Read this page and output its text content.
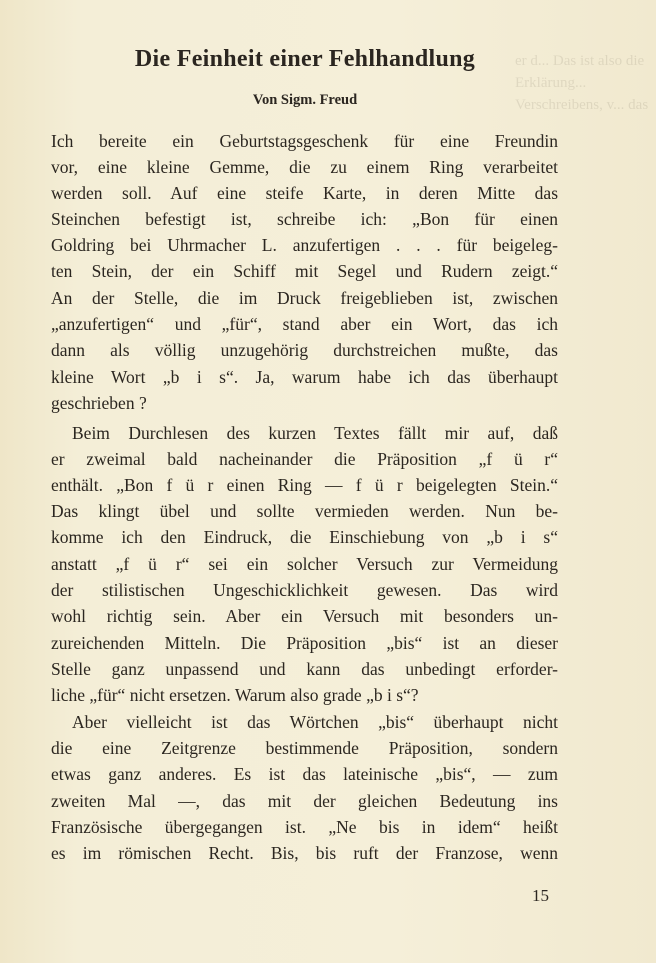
er d... Das ist also die Erklärung... Verschreibens, v... das
Die Feinheit einer Fehlhandlung
Von Sigm. Freud
Ich bereite ein Geburtstagsgeschenk für eine Freundin
vor, eine kleine Gemme, die zu einem Ring verarbeitet
werden soll. Auf eine steife Karte, in deren Mitte das
Steinchen befestigt ist, schreibe ich: „Bon für einen
Goldring bei Uhrmacher L. anzufertigen . . . für beigeleg-
ten Stein, der ein Schiff mit Segel und Rudern zeigt.“
An der Stelle, die im Druck freigeblieben ist, zwischen
„anzufertigen“ und „für“, stand aber ein Wort, das ich
dann als völlig unzugehörig durchstreichen mußte, das
kleine Wort „b i s“. Ja, warum habe ich das überhaupt
geschrieben ?
Beim Durchlesen des kurzen Textes fällt mir auf, daß
er zweimal bald nacheinander die Präposition „f ü r“
enthält. „Bon f ü r einen Ring — f ü r beigelegten Stein.“
Das klingt übel und sollte vermieden werden. Nun be-
komme ich den Eindruck, die Einschiebung von „b i s“
anstatt „f ü r“ sei ein solcher Versuch zur Vermeidung
der stilistischen Ungeschicklichkeit gewesen. Das wird
wohl richtig sein. Aber ein Versuch mit besonders un-
zureichenden Mitteln. Die Präposition „bis“ ist an dieser
Stelle ganz unpassend und kann das unbedingt erforder-
liche „für“ nicht ersetzen. Warum also grade „b i s“?
Aber vielleicht ist das Wörtchen „bis“ überhaupt nicht
die eine Zeitgrenze bestimmende Präposition, sondern
etwas ganz anderes. Es ist das lateinische „bis“, — zum
zweiten Mal —, das mit der gleichen Bedeutung ins
Französische übergegangen ist. „Ne bis in idem“ heißt
es im römischen Recht. Bis, bis ruft der Franzose, wenn
15
